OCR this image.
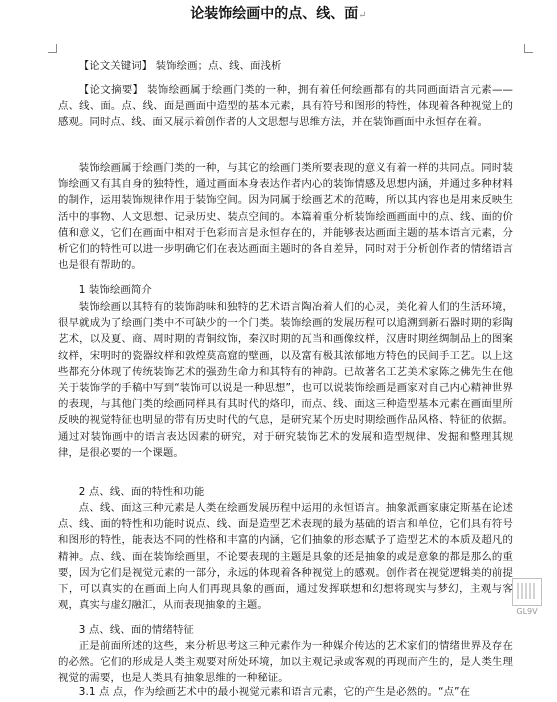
论装饰绘画中的点、线、面↵

【论文关键词】 装饰绘画；点、线、面浅析

【论文摘要】 装饰绘画属于绘画门类的一种，拥有着任何绘画都有的共同画面语言元素——点、线、面。点、线、面是画面中造型的基本元素，具有符号和图形的特性，体现着各种视觉上的感观。同时点、线、面又展示着创作者的人文思想与思维方法，并在装饰画面中永恒存在着。

装饰绘画属于绘画门类的一种，与其它的绘画门类所要表现的意义有着一样的共同点。同时装饰绘画又有其自身的独特性，通过画面本身表达作者内心的装饰情感及思想内涵，并通过多种材料的制作，运用装饰规律作用于装饰空间。因为同属于绘画艺术的范畴，所以其内容也是用来反映生活中的事物、人文思想、记录历史、装点空间的。本篇着重分析装饰绘画画面中的点、线、面的价值和意义，它们在画面中相对于色彩而言是永恒存在的，并能够表达画面主题的基本语言元素，分析它们的特性可以进一步明确它们在表达画面主题时的各自差异，同时对于分析创作者的情绪语言也是很有帮助的。

1 装饰绘画简介

装饰绘画以其特有的装饰韵味和独特的艺术语言陶冶着人们的心灵，美化着人们的生活环境，很早就成为了绘画门类中不可缺少的一个门类。装饰绘画的发展历程可以追溯到新石器时期的彩陶艺术，以及夏、商、周时期的青铜纹饰，秦汉时期的瓦当和画像纹样，汉唐时期丝绸制品上的图案纹样，宋明时的瓷器纹样和敦煌莫高窟的壁画，以及富有极其浓郁地方特色的民间手工艺。以上这些都充分体现了传统装饰艺术的强劲生命力和其特有的神韵。已故著名工艺美术家陈之佛先生在他关于装饰学的手稿中写到“装饰可以说是一种思想”，也可以说装饰绘画是画家对自己内心精神世界的表现，与其他门类的绘画同样具有其时代的烙印，而点、线、面这三种造型基本元素在画面里所反映的视觉特征也明显的带有历史时代的气息，是研究某个历史时期绘画作品风格、特征的依据。通过对装饰画中的语言表达因素的研究，对于研究装饰艺术的发展和造型规律、发掘和整理其规律，是很必要的一个课题。

2 点、线、面的特性和功能

点、线、面这三种元素是人类在绘画发展历程中运用的永恒语言。抽象派画家康定斯基在论述点、线、面的特性和功能时说点、线、面是造型艺术表现的最为基础的语言和单位，它们具有符号和图形的特性，能表达不同的性格和丰富的内涵，它们抽象的形态赋予了造型艺术的本质及超凡的精神。点、线、面在装饰绘画里，不论要表现的主题是具象的还是抽象的或是意象的都是那么的重要，因为它们是视觉元素的一部分，永远的体现着各种视觉上的感观。创作者在视觉逻辑美的前提下，可以真实的在画面上向人们再现具象的画面，通过发挥联想和幻想将现实与梦幻，主观与客观，真实与虚幻融汇，从而表现抽象的主题。

3 点、线、面的情绪特征

正是前面所述的这些，来分析思考这三种元素作为一种媒介传达的艺术家们的情绪世界及存在的必然。它们的形成是人类主观要对所处环境，加以主观记录或客观的再现而产生的，是人类生理视觉的需要，也是人类具有抽象思维的一种秘证。

3.1 点 点，作为绘画艺术中的最小视觉元素和语言元素，它的产生是必然的。“点”在

GL9V
